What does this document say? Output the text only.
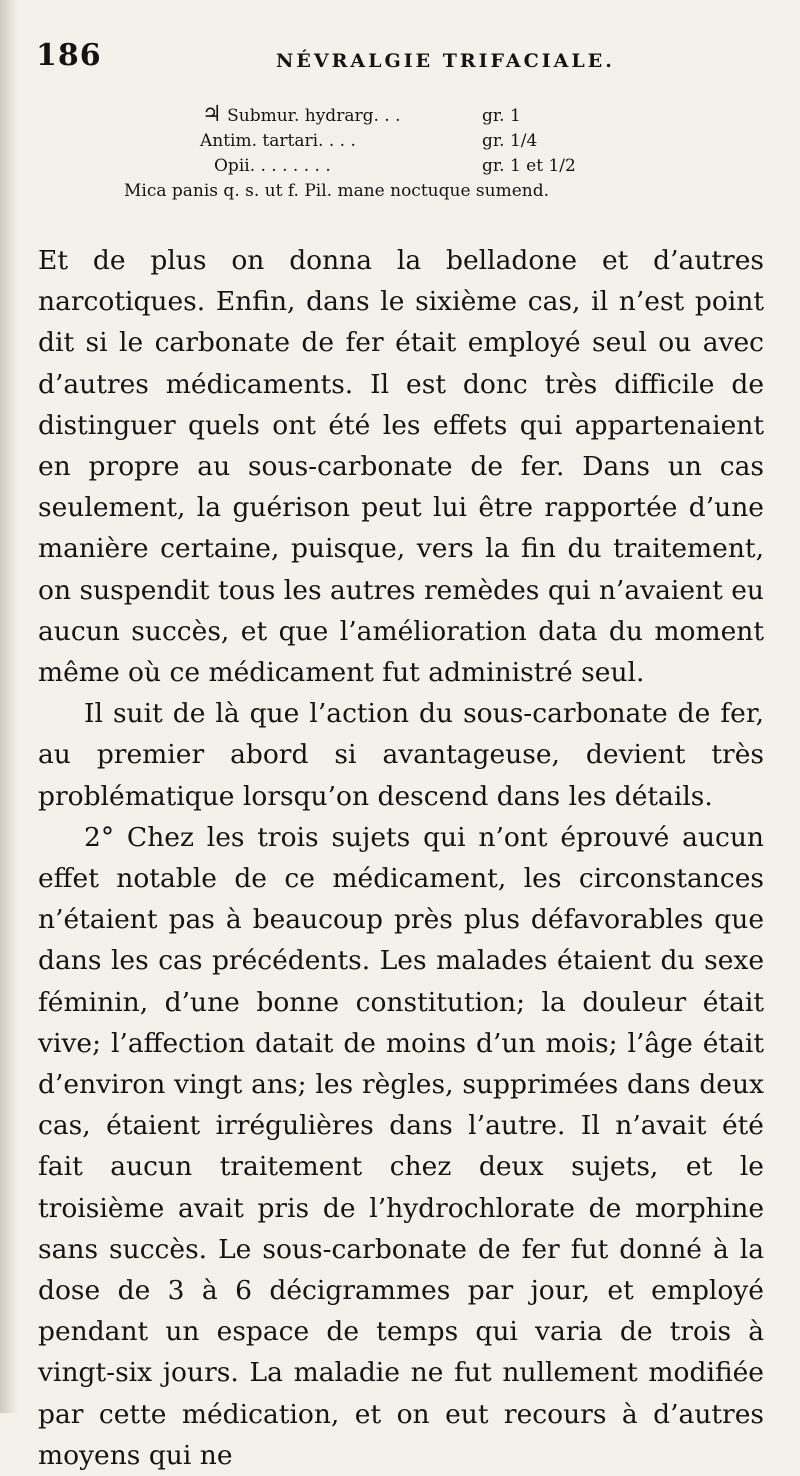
186	NÉVRALGIE TRIFACIALE.
♃ Submur. hydrarg. . .	gr. 1
Antim. tartari. . . .	gr. 1/4
Opii. . . . . . . .	gr. 1 et 1/2
Mica panis q. s. ut f. Pil. mane noctuque sumend.

Et de plus on donna la belladone et d’autres narcotiques. Enfin, dans le sixième cas, il n’est point dit si le carbonate de fer était employé seul ou avec d’autres médicaments. Il est donc très difficile de distinguer quels ont été les effets qui appartenaient en propre au sous-carbonate de fer. Dans un cas seulement, la guérison peut lui être rapportée d’une manière certaine, puisque, vers la fin du traitement, on suspendit tous les autres remèdes qui n’avaient eu aucun succès, et que l’amélioration data du moment même où ce médicament fut administré seul.

Il suit de là que l’action du sous-carbonate de fer, au premier abord si avantageuse, devient très problématique lorsqu’on descend dans les détails.

2° Chez les trois sujets qui n’ont éprouvé aucun effet notable de ce médicament, les circonstances n’étaient pas à beaucoup près plus défavorables que dans les cas précédents. Les malades étaient du sexe féminin, d’une bonne constitution; la douleur était vive; l’affection datait de moins d’un mois; l’âge était d’environ vingt ans; les règles, supprimées dans deux cas, étaient irrégulières dans l’autre. Il n’avait été fait aucun traitement chez deux sujets, et le troisième avait pris de l’hydrochlorate de morphine sans succès. Le sous-carbonate de fer fut donné à la dose de 3 à 6 décigrammes par jour, et employé pendant un espace de temps qui varia de trois à vingt-six jours. La maladie ne fut nullement modifiée par cette médication, et on eut recours à d’autres moyens qui ne
